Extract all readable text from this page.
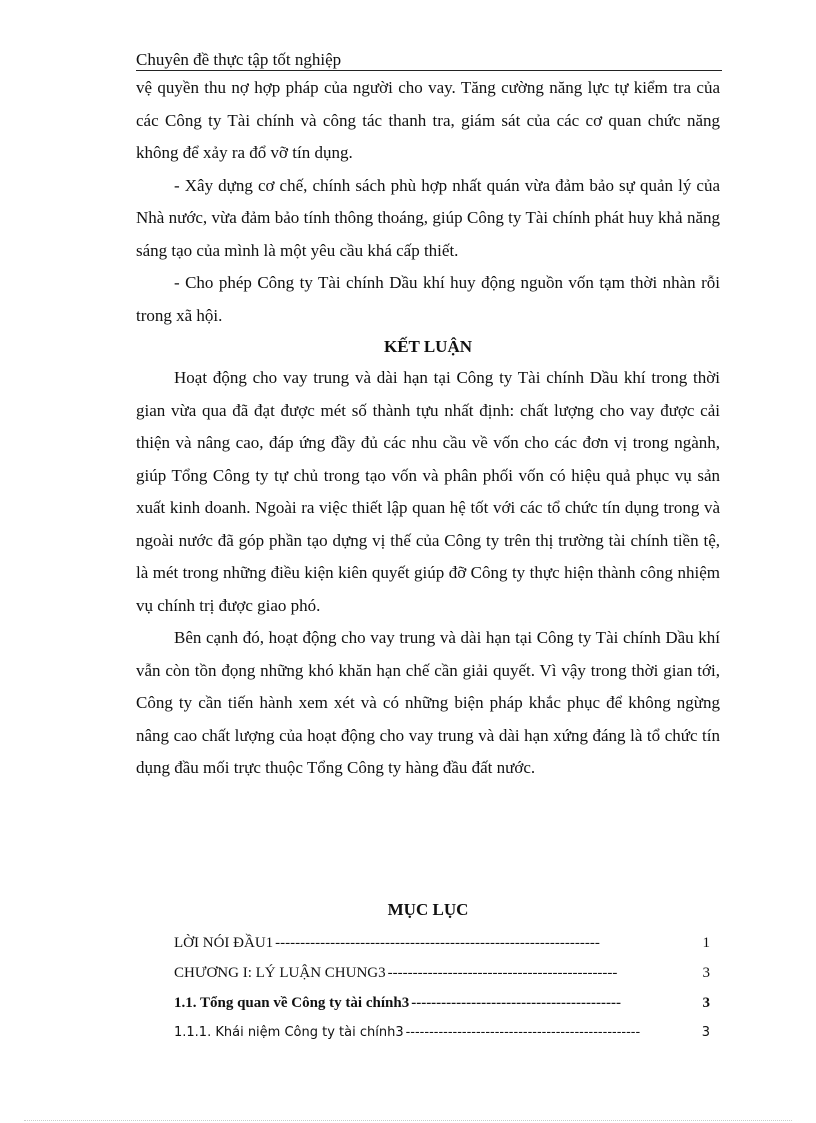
Chuyên đề thực tập tốt nghiệp

vệ quyền thu nợ hợp pháp của người cho vay. Tăng cường năng lực tự kiểm tra của các Công ty Tài chính và công tác thanh tra, giám sát của các cơ quan chức năng không để xảy ra đổ vỡ tín dụng.

- Xây dựng cơ chế, chính sách phù hợp nhất quán vừa đảm bảo sự quản lý của Nhà nước, vừa đảm bảo tính thông thoáng, giúp Công ty Tài chính phát huy khả năng sáng tạo của mình là một yêu cầu khá cấp thiết.

- Cho phép Công ty Tài chính Dầu khí huy động nguồn vốn tạm thời nhàn rỗi trong xã hội.

KẾT LUẬN

Hoạt động cho vay trung và dài hạn tại Công ty Tài chính Dầu khí trong thời gian vừa qua đã đạt được mét số thành tựu nhất định: chất lượng cho vay được cải thiện và nâng cao, đáp ứng đầy đủ các nhu cầu về vốn cho các đơn vị trong ngành, giúp Tổng Công ty tự chủ trong tạo vốn và phân phối vốn có hiệu quả phục vụ sản xuất kinh doanh. Ngoài ra việc thiết lập quan hệ tốt với các tổ chức tín dụng trong và ngoài nước đã góp phần tạo dựng vị thế của Công ty trên thị trường tài chính tiền tệ, là mét trong những điều kiện kiên quyết giúp đỡ Công ty thực hiện thành công nhiệm vụ chính trị được giao phó.

Bên cạnh đó, hoạt động cho vay trung và dài hạn tại Công ty Tài chính Dầu khí vẫn còn tồn đọng những khó khăn hạn chế cần giải quyết. Vì vậy trong thời gian tới, Công ty cần tiến hành xem xét và có những biện pháp khắc phục để không ngừng nâng cao chất lượng của hoạt động cho vay trung và dài hạn xứng đáng là tổ chức tín dụng đầu mối trực thuộc Tổng Công ty hàng đầu đất nước.

MỤC LỤC
LỜI NÓI ĐẦU1 -----------------------------------------------------------------	1
CHƯƠNG I: LÝ LUẬN CHUNG3 ----------------------------------------------	3
1.1. Tổng quan về Công ty tài chính3 ------------------------------------------	3
1.1.1. Khái niệm Công ty tài chính3 --------------------------------------------------	3
